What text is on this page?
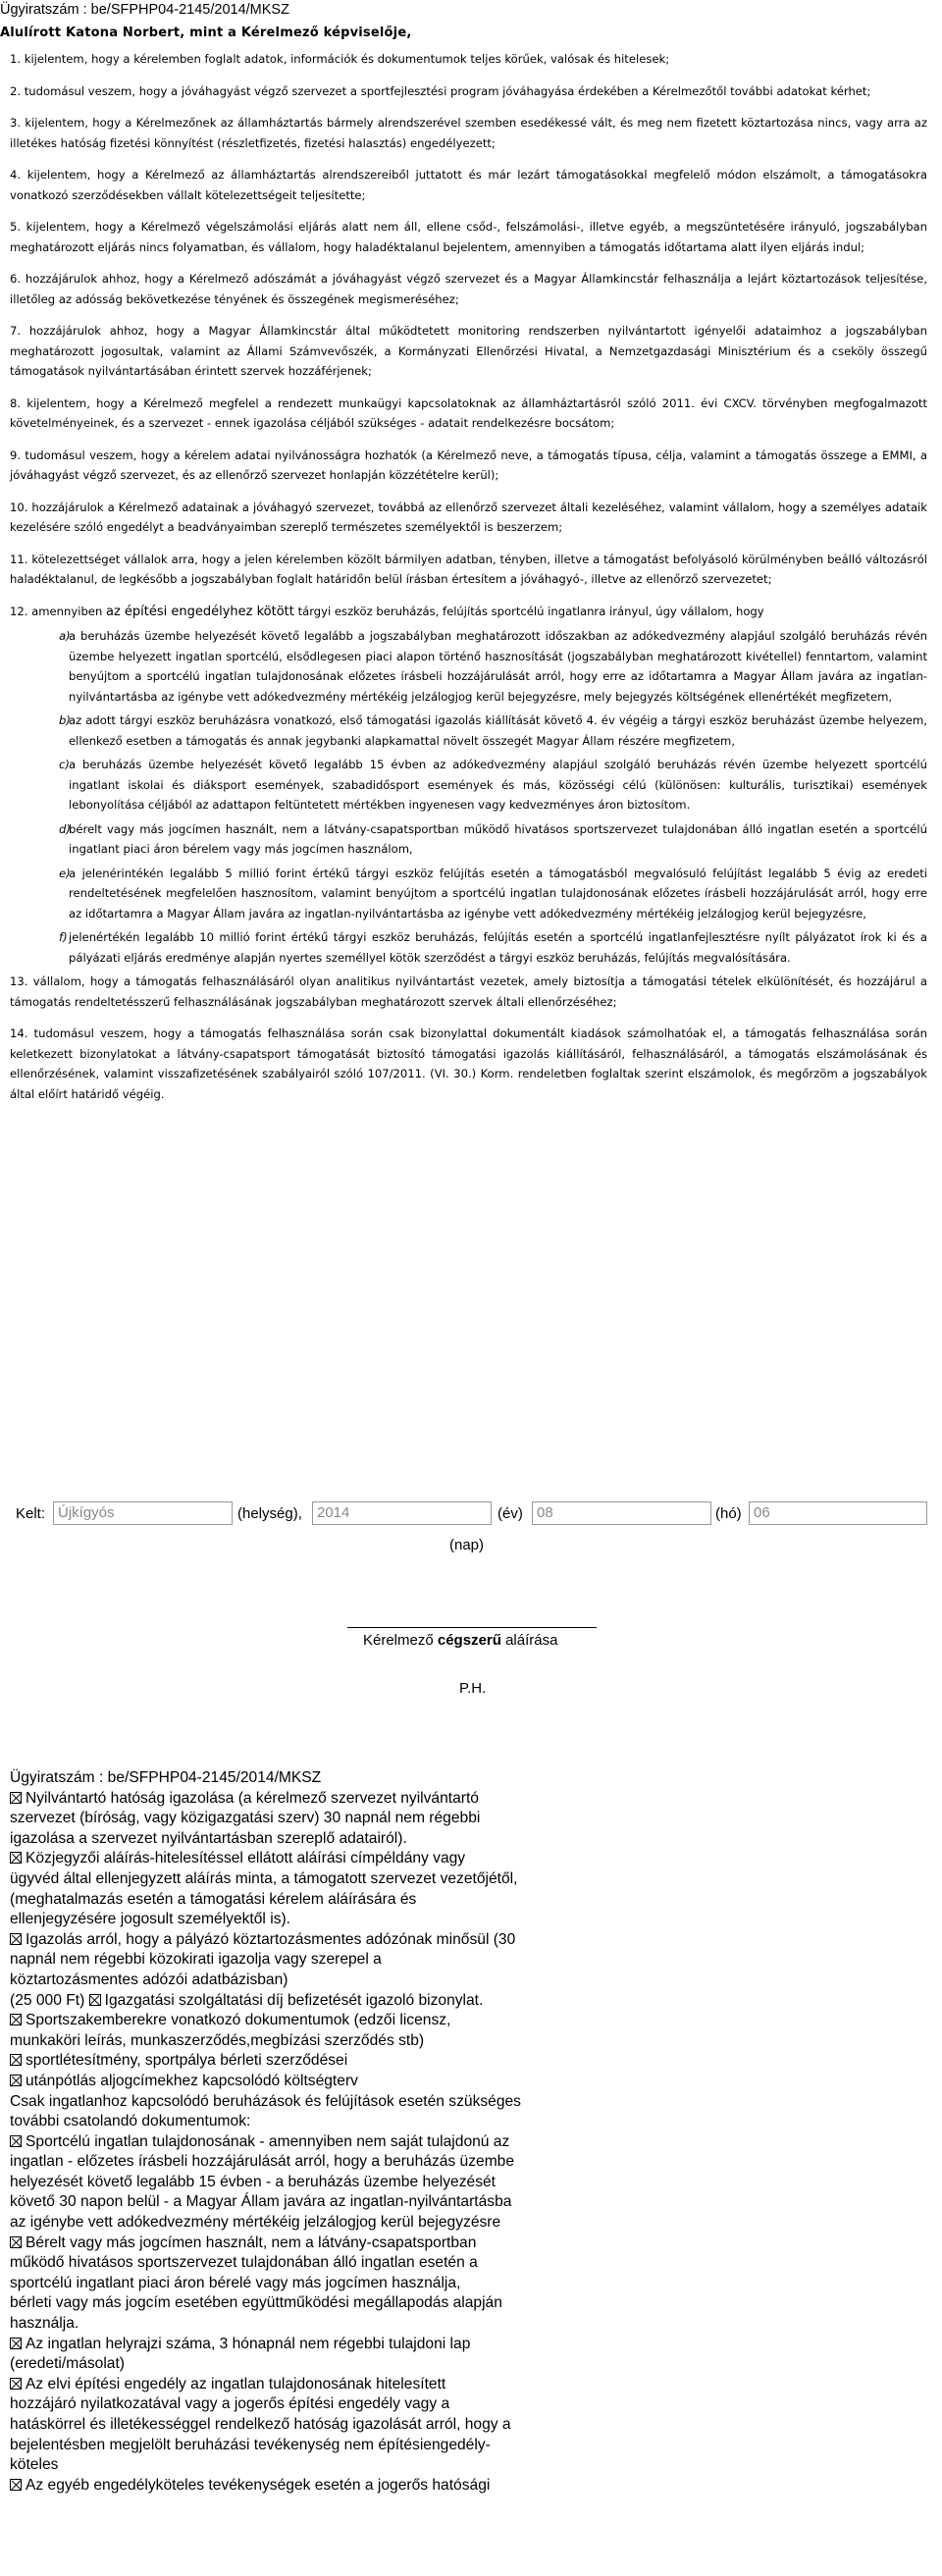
Ügyiratszám : be/SFPHP04-2145/2014/MKSZ
Alulírott Katona Norbert, mint a Kérelmező képviselője,
1. kijelentem, hogy a kérelemben foglalt adatok, információk és dokumentumok teljes körűek, valósak és hitelesek;
2. tudomásul veszem, hogy a jóváhagyást végző szervezet a sportfejlesztési program jóváhagyása érdekében a Kérelmezőtől további adatokat kérhet;
3. kijelentem, hogy a Kérelmezőnek az államháztartás bármely alrendszerével szemben esedékessé vált, és meg nem fizetett köztartozása nincs, vagy arra az illetékes hatóság fizetési könnyítést (részletfizetés, fizetési halasztás) engedélyezett;
4. kijelentem, hogy a Kérelmező az államháztartás alrendszereiből juttatott és már lezárt támogatásokkal megfelelő módon elszámolt, a támogatásokra vonatkozó szerződésekben vállalt kötelezettségeit teljesítette;
5. kijelentem, hogy a Kérelmező végelszámolási eljárás alatt nem áll, ellene csőd-, felszámolási-, illetve egyéb, a megszüntetésére irányuló, jogszabályban meghatározott eljárás nincs folyamatban, és vállalom, hogy haladéktalanul bejelentem, amennyiben a támogatás időtartama alatt ilyen eljárás indul;
6. hozzájárulok ahhoz, hogy a Kérelmező adószámát a jóváhagyást végző szervezet és a Magyar Államkincstár felhasználja a lejárt köztartozások teljesítése, illetőleg az adósság bekövetkezése tényének és összegének megismeréséhez;
7. hozzájárulok ahhoz, hogy a Magyar Államkincstár által működtetett monitoring rendszerben nyilvántartott igényelői adataimhoz a jogszabályban meghatározott jogosultak, valamint az Állami Számvevőszék, a Kormányzati Ellenőrzési Hivatal, a Nemzetgazdasági Minisztérium és a cseköly összegű támogatások nyilvántartásában érintett szervek hozzáférjenek;
8. kijelentem, hogy a Kérelmező megfelel a rendezett munkaügyi kapcsolatoknak az államháztartásról szóló 2011. évi CXCV. törvényben megfogalmazott követelményeinek, és a szervezet - ennek igazolása céljából szükséges - adatait rendelkezésre bocsátom;
9. tudomásul veszem, hogy a kérelem adatai nyilvánosságra hozhatók (a Kérelmező neve, a támogatás típusa, célja, valamint a támogatás összege a EMMI, a jóváhagyást végző szervezet, és az ellenőrző szervezet honlapján közzétételre kerül);
10. hozzájárulok a Kérelmező adatainak a jóváhagyó szervezet, továbbá az ellenőrző szervezet általi kezeléséhez, valamint vállalom, hogy a személyes adataik kezelésére szóló engedélyt a beadványaimban szereplő természetes személyektől is beszerzem;
11. kötelezettséget vállalok arra, hogy a jelen kérelemben közölt bármilyen adatban, tényben, illetve a támogatást befolyásoló körülményben beálló változásról haladéktalanul, de legkésőbb a jogszabályban foglalt határidőn belül írásban értesítem a jóváhagyó-, illetve az ellenőrző szervezetet;
12. amennyiben az építési engedélyhez kötött tárgyi eszköz beruházás, felújítás sportcélú ingatlanra irányul, úgy vállalom, hogy
a)
a beruházás üzembe helyezését követő legalább a jogszabályban meghatározott időszakban az adókedvezmény alapjául szolgáló beruházás révén üzembe helyezett ingatlan sportcélú, elsődlegesen piaci alapon történő hasznosítását (jogszabályban meghatározott kivétellel) fenntartom, valamint benyújtom a sportcélú ingatlan tulajdonosának előzetes írásbeli hozzájárulását arról, hogy erre az időtartamra a Magyar Állam javára az ingatlan-nyilvántartásba az igénybe vett adókedvezmény mértékéig jelzálogjog kerül bejegyzésre, mely bejegyzés költségének ellenértékét megfizetem,
b)
az adott tárgyi eszköz beruházásra vonatkozó, első támogatási igazolás kiállítását követő 4. év végéig a tárgyi eszköz beruházást üzembe helyezem, ellenkező esetben a támogatás és annak jegybanki alapkamattal növelt összegét Magyar Állam részére megfizetem,
c) a beruházás üzembe helyezését követő legalább 15 évben az adókedvezmény alapjául szolgáló beruházás révén üzembe helyezett sportcélú ingatlant iskolai és diáksport események, szabadidősport események és más, közösségi célú (különösen: kulturális, turisztikai) események lebonyolítása céljából az adattapon feltüntetett mértékben ingyenesen vagy kedvezményes áron biztosítom.
d)
bérelt vagy más jogcímen használt, nem a látvány-csapatsportban működő hivatásos sportszervezet tulajdonában álló ingatlan esetén a sportcélú ingatlant piaci áron bérelem vagy más jogcímen használom,
e)
a jelenérintékén legalább 5 millió forint értékű tárgyi eszköz felújítás esetén a támogatásból megvalósuló felújítást legalább 5 évig az eredeti rendeltetésének megfelelően hasznosítom, valamint benyújtom a sportcélú ingatlan tulajdonosának előzetes írásbeli hozzájárulását arról, hogy erre az időtartamra a Magyar Állam javára az ingatlan-nyilvántartásba az igénybe vett adókedvezmény mértékéig jelzálogjog kerül bejegyzésre,
f) jelenértékén legalább 10 millió forint értékű tárgyi eszköz beruházás, felújítás esetén a sportcélú ingatlanfejlesztésre nyílt pályázatot írok ki és a pályázati eljárás eredménye alapján nyertes személlyel kötök szerződést a tárgyi eszköz beruházás, felújítás megvalósítására.
13. vállalom, hogy a támogatás felhasználásáról olyan analitikus nyilvántartást vezetek, amely biztosítja a támogatási tételek elkülönítését, és hozzájárul a támogatás rendeltetésszerű felhasználásának jogszabályban meghatározott szervek általi ellenőrzéséhez;
14. tudomásul veszem, hogy a támogatás felhasználása során csak bizonylattal dokumentált kiadások számolhatóak el, a támogatás felhasználása során keletkezett bizonylatokat a látvány-csapatsport támogatását biztosító támogatási igazolás kiállításáról, felhasználásáról, a támogatás elszámolásának és ellenőrzésének, valamint visszafizetésének szabályairól szóló 107/2011. (VI. 30.) Korm. rendeletben foglaltak szerint elszámolok, és megőrzöm a jogszabályok által előírt határidő végéig.
Kelt: Újkígyós	(helység),	2014	(év) 08	(hó) 06
(nap)
Kérelmező cégszerű aláírása
P.H.
Ügyiratszám : be/SFPHP04-2145/2014/MKSZ
Nyilvántartó hatóság igazolása (a kérelmező szervezet nyilvántartó
szervezet (bíróság, vagy közigazgatási szerv) 30 napnál nem régebbi
igazolása a szervezet nyilvántartásban szereplő adatairól).
Közjegyzői aláírás-hitelesítéssel ellátott aláírási címpéldány vagy
ügyvéd által ellenjegyzett aláírás minta, a támogatott szervezet vezetőjétől,
(meghatalmazás esetén a támogatási kérelem aláírására és
ellenjegyzésére jogosult személyektől is).
Igazolás arról, hogy a pályázó köztartozásmentes adózónak minősül (30
napnál nem régebbi közokirati igazolja vagy szerepel a
köztartozásmentes adózói adatbázisban)
(25 000 Ft) Igazgatási szolgáltatási díj befizetését igazoló bizonylat.
Sportszakemberekre vonatkozó dokumentumok (edzői licensz,
munkaköri leírás, munkaszerződés,megbízási szerződés stb)
sportlétesítmény, sportpálya bérleti szerződései
utánpótlás aljogcímekhez kapcsolódó költségterv
Csak ingatlanhoz kapcsolódó beruházások és felújítások esetén szükséges
további csatolandó dokumentumok:
Sportcélú ingatlan tulajdonosának - amennyiben nem saját tulajdonú az
ingatlan - előzetes írásbeli hozzájárulását arról, hogy a beruházás üzembe
helyezését követő legalább 15 évben - a beruházás üzembe helyezését
követő 30 napon belül - a Magyar Állam javára az ingatlan-nyilvántartásba
az igénybe vett adókedvezmény mértékéig jelzálogjog kerül bejegyzésre
Bérelt vagy más jogcímen használt, nem a látvány-csapatsportban
működő hivatásos sportszervezet tulajdonában álló ingatlan esetén a
sportcélú ingatlant piaci áron bérelé vagy más jogcímen használja,
bérleti vagy más jogcím esetében együttműködési megállapodás alapján
használja.
Az ingatlan helyrajzi száma, 3 hónapnál nem régebbi tulajdoni lap
(eredeti/másolat)
Az elvi építési engedély az ingatlan tulajdonosának hitelesített
hozzájáró nyilatkozatával vagy a jogerős építési engedély vagy a
hatáskörrel és illetékességgel rendelkező hatóság igazolását arról, hogy a
bejelentésben megjelölt beruházási tevékenység nem építésiengedély-
köteles
Az egyéb engedélyköteles tevékenységek esetén a jogerős hatósági
